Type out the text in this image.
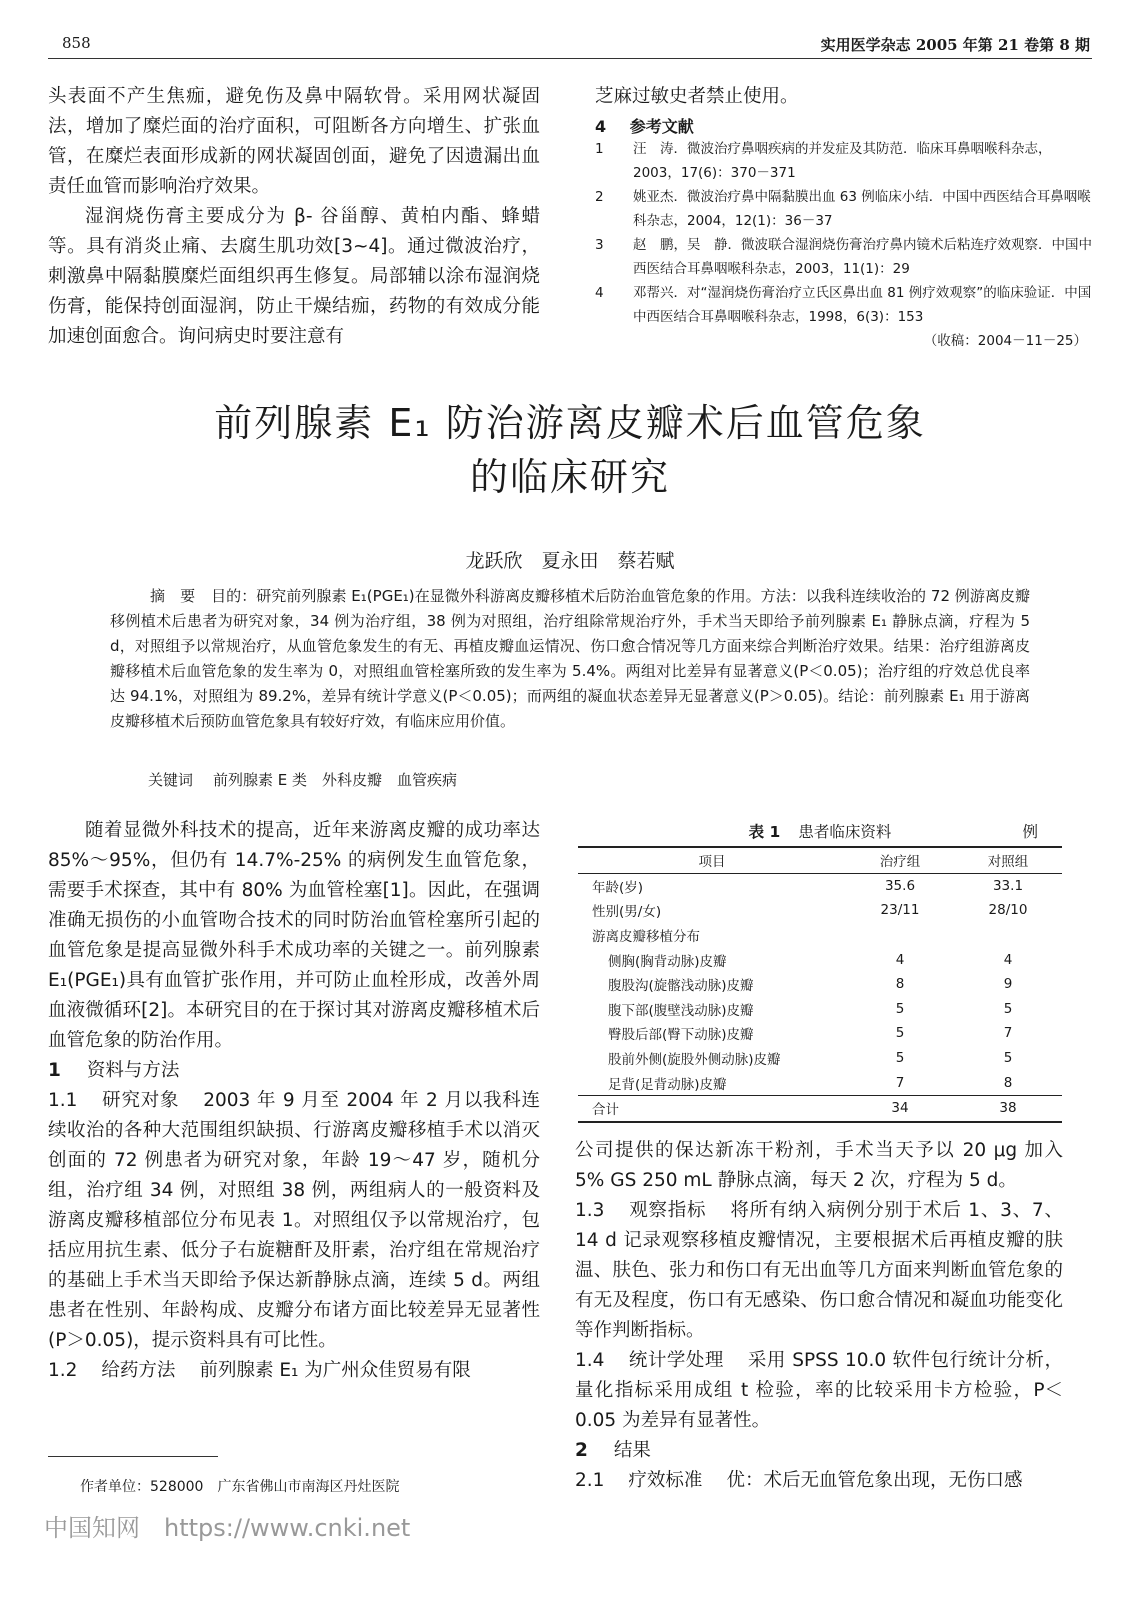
858	实用医学杂志 2005 年第 21 卷第 8 期
头表面不产生焦痂，避免伤及鼻中隔软骨。采用网状凝固法，增加了糜烂面的治疗面积，可阻断各方向增生、扩张血管，在糜烂表面形成新的网状凝固创面，避免了因遗漏出血责任血管而影响治疗效果。
湿润烧伤膏主要成分为 β- 谷甾醇、黄柏内酯、蜂蜡等。具有消炎止痛、去腐生肌功效[3~4]。通过微波治疗，刺激鼻中隔黏膜糜烂面组织再生修复。局部辅以涂布湿润烧伤膏，能保持创面湿润，防止干燥结痂，药物的有效成分能加速创面愈合。询问病史时要注意有
芝麻过敏史者禁止使用。
4 参考文献
1	汪　涛．微波治疗鼻咽疾病的并发症及其防范．临床耳鼻咽喉科杂志，2003，17(6)：370－371
2	姚亚杰．微波治疗鼻中隔黏膜出血 63 例临床小结．中国中西医结合耳鼻咽喉科杂志，2004，12(1)：36－37
3	赵　鹏，吴　静．微波联合湿润烧伤膏治疗鼻内镜术后粘连疗效观察．中国中西医结合耳鼻咽喉科杂志，2003，11(1)：29
4	邓帮兴．对“湿润烧伤膏治疗立氏区鼻出血 81 例疗效观察”的临床验证．中国中西医结合耳鼻咽喉科杂志，1998，6(3)：153
（收稿：2004－11－25）
前列腺素 E₁ 防治游离皮瓣术后血管危象
的临床研究
龙跃欣　夏永田　蔡若赋
摘　要 目的：研究前列腺素 E₁(PGE₁)在显微外科游离皮瓣移植术后防治血管危象的作用。方法：以我科连续收治的 72 例游离皮瓣移例植术后患者为研究对象，34 例为治疗组，38 例为对照组，治疗组除常规治疗外，手术当天即给予前列腺素 E₁ 静脉点滴，疗程为 5 d，对照组予以常规治疗，从血管危象发生的有无、再植皮瓣血运情况、伤口愈合情况等几方面来综合判断治疗效果。结果：治疗组游离皮瓣移植术后血管危象的发生率为 0，对照组血管栓塞所致的发生率为 5.4%。两组对比差异有显著意义(P＜0.05)；治疗组的疗效总优良率达 94.1%，对照组为 89.2%，差异有统计学意义(P＜0.05)；而两组的凝血状态差异无显著意义(P＞0.05)。结论：前列腺素 E₁ 用于游离皮瓣移植术后预防血管危象具有较好疗效，有临床应用价值。
关键词 前列腺素 E 类　外科皮瓣　血管疾病
随着显微外科技术的提高，近年来游离皮瓣的成功率达 85%～95%，但仍有 14.7%-25% 的病例发生血管危象，需要手术探查，其中有 80% 为血管栓塞[1]。因此，在强调准确无损伤的小血管吻合技术的同时防治血管栓塞所引起的血管危象是提高显微外科手术成功率的关键之一。前列腺素 E₁(PGE₁)具有血管扩张作用，并可防止血栓形成，改善外周血液微循环[2]。本研究目的在于探讨其对游离皮瓣移植术后血管危象的防治作用。
1 资料与方法
1.1 研究对象 2003 年 9 月至 2004 年 2 月以我科连续收治的各种大范围组织缺损、行游离皮瓣移植手术以消灭创面的 72 例患者为研究对象，年龄 19～47 岁，随机分组，治疗组 34 例，对照组 38 例，两组病人的一般资料及游离皮瓣移植部位分布见表 1。对照组仅予以常规治疗，包括应用抗生素、低分子右旋糖酐及肝素，治疗组在常规治疗的基础上手术当天即给予保达新静脉点滴，连续 5 d。两组患者在性别、年龄构成、皮瓣分布诸方面比较差异无显著性(P＞0.05)，提示资料具有可比性。
1.2 给药方法 前列腺素 E₁ 为广州众佳贸易有限
表 1 患者临床资料	例
项目	治疗组	对照组
年龄(岁)	35.6	33.1
性别(男/女)	23/11	28/10
游离皮瓣移植分布		
侧胸(胸背动脉)皮瓣	4	4
腹股沟(旋髂浅动脉)皮瓣	8	9
腹下部(腹壁浅动脉)皮瓣	5	5
臀股后部(臀下动脉)皮瓣	5	7
股前外侧(旋股外侧动脉)皮瓣	5	5
足背(足背动脉)皮瓣	7	8
合计	34	38
公司提供的保达新冻干粉剂，手术当天予以 20 μg 加入 5% GS 250 mL 静脉点滴，每天 2 次，疗程为 5 d。
1.3 观察指标 将所有纳入病例分别于术后 1、3、7、14 d 记录观察移植皮瓣情况，主要根据术后再植皮瓣的肤温、肤色、张力和伤口有无出血等几方面来判断血管危象的有无及程度，伤口有无感染、伤口愈合情况和凝血功能变化等作判断指标。
1.4 统计学处理 采用 SPSS 10.0 软件包行统计分析，量化指标采用成组 t 检验，率的比较采用卡方检验，P＜0.05 为差异有显著性。
2 结果
2.1 疗效标准 优：术后无血管危象出现，无伤口感
作者单位：528000　广东省佛山市南海区丹灶医院
中国知网　https://www.cnki.net
